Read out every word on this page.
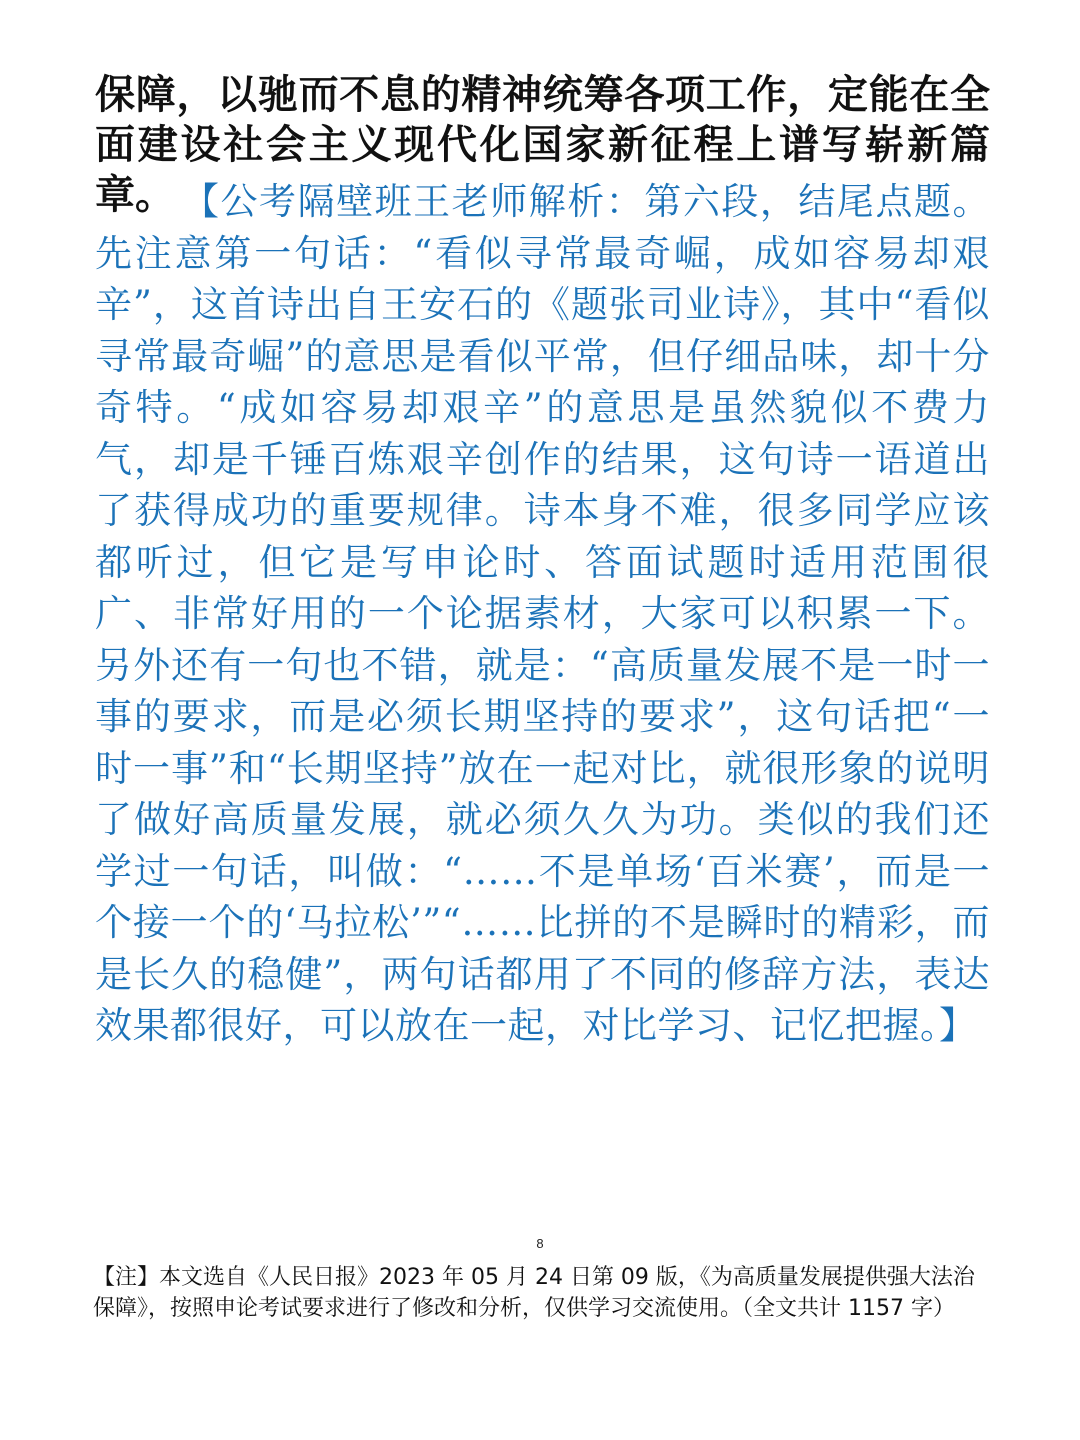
保障，以驰而不息的精神统筹各项工作，定能在全面建设社会主义现代化国家新征程上谱写崭新篇章。 【公考隔壁班王老师解析：第六段，结尾点题。先注意第一句话：“看似寻常最奇崛，成如容易却艰辛”，这首诗出自王安石的《题张司业诗》，其中“看似寻常最奇崛”的意思是看似平常，但仔细品味，却十分奇特。“成如容易却艰辛”的意思是虽然貌似不费力气，却是千锤百炼艰辛创作的结果，这句诗一语道出了获得成功的重要规律。诗本身不难，很多同学应该都听过，但它是写申论时、答面试题时适用范围很广、非常好用的一个论据素材，大家可以积累一下。另外还有一句也不错，就是：“高质量发展不是一时一事的要求，而是必须长期坚持的要求”，这句话把“一时一事”和“长期坚持”放在一起对比，就很形象的说明了做好高质量发展，就必须久久为功。类似的我们还学过一句话，叫做：“……不是单场‘百米赛’，而是一个接一个的‘马拉松’”“……比拼的不是瞬时的精彩，而是长久的稳健”，两句话都用了不同的修辞方法，表达效果都很好，可以放在一起，对比学习、记忆把握。】

8

【注】本文选自《人民日报》2023 年 05 月 24 日第 09 版，《为高质量发展提供强大法治保障》，按照申论考试要求进行了修改和分析，仅供学习交流使用。（全文共计 1157 字）
